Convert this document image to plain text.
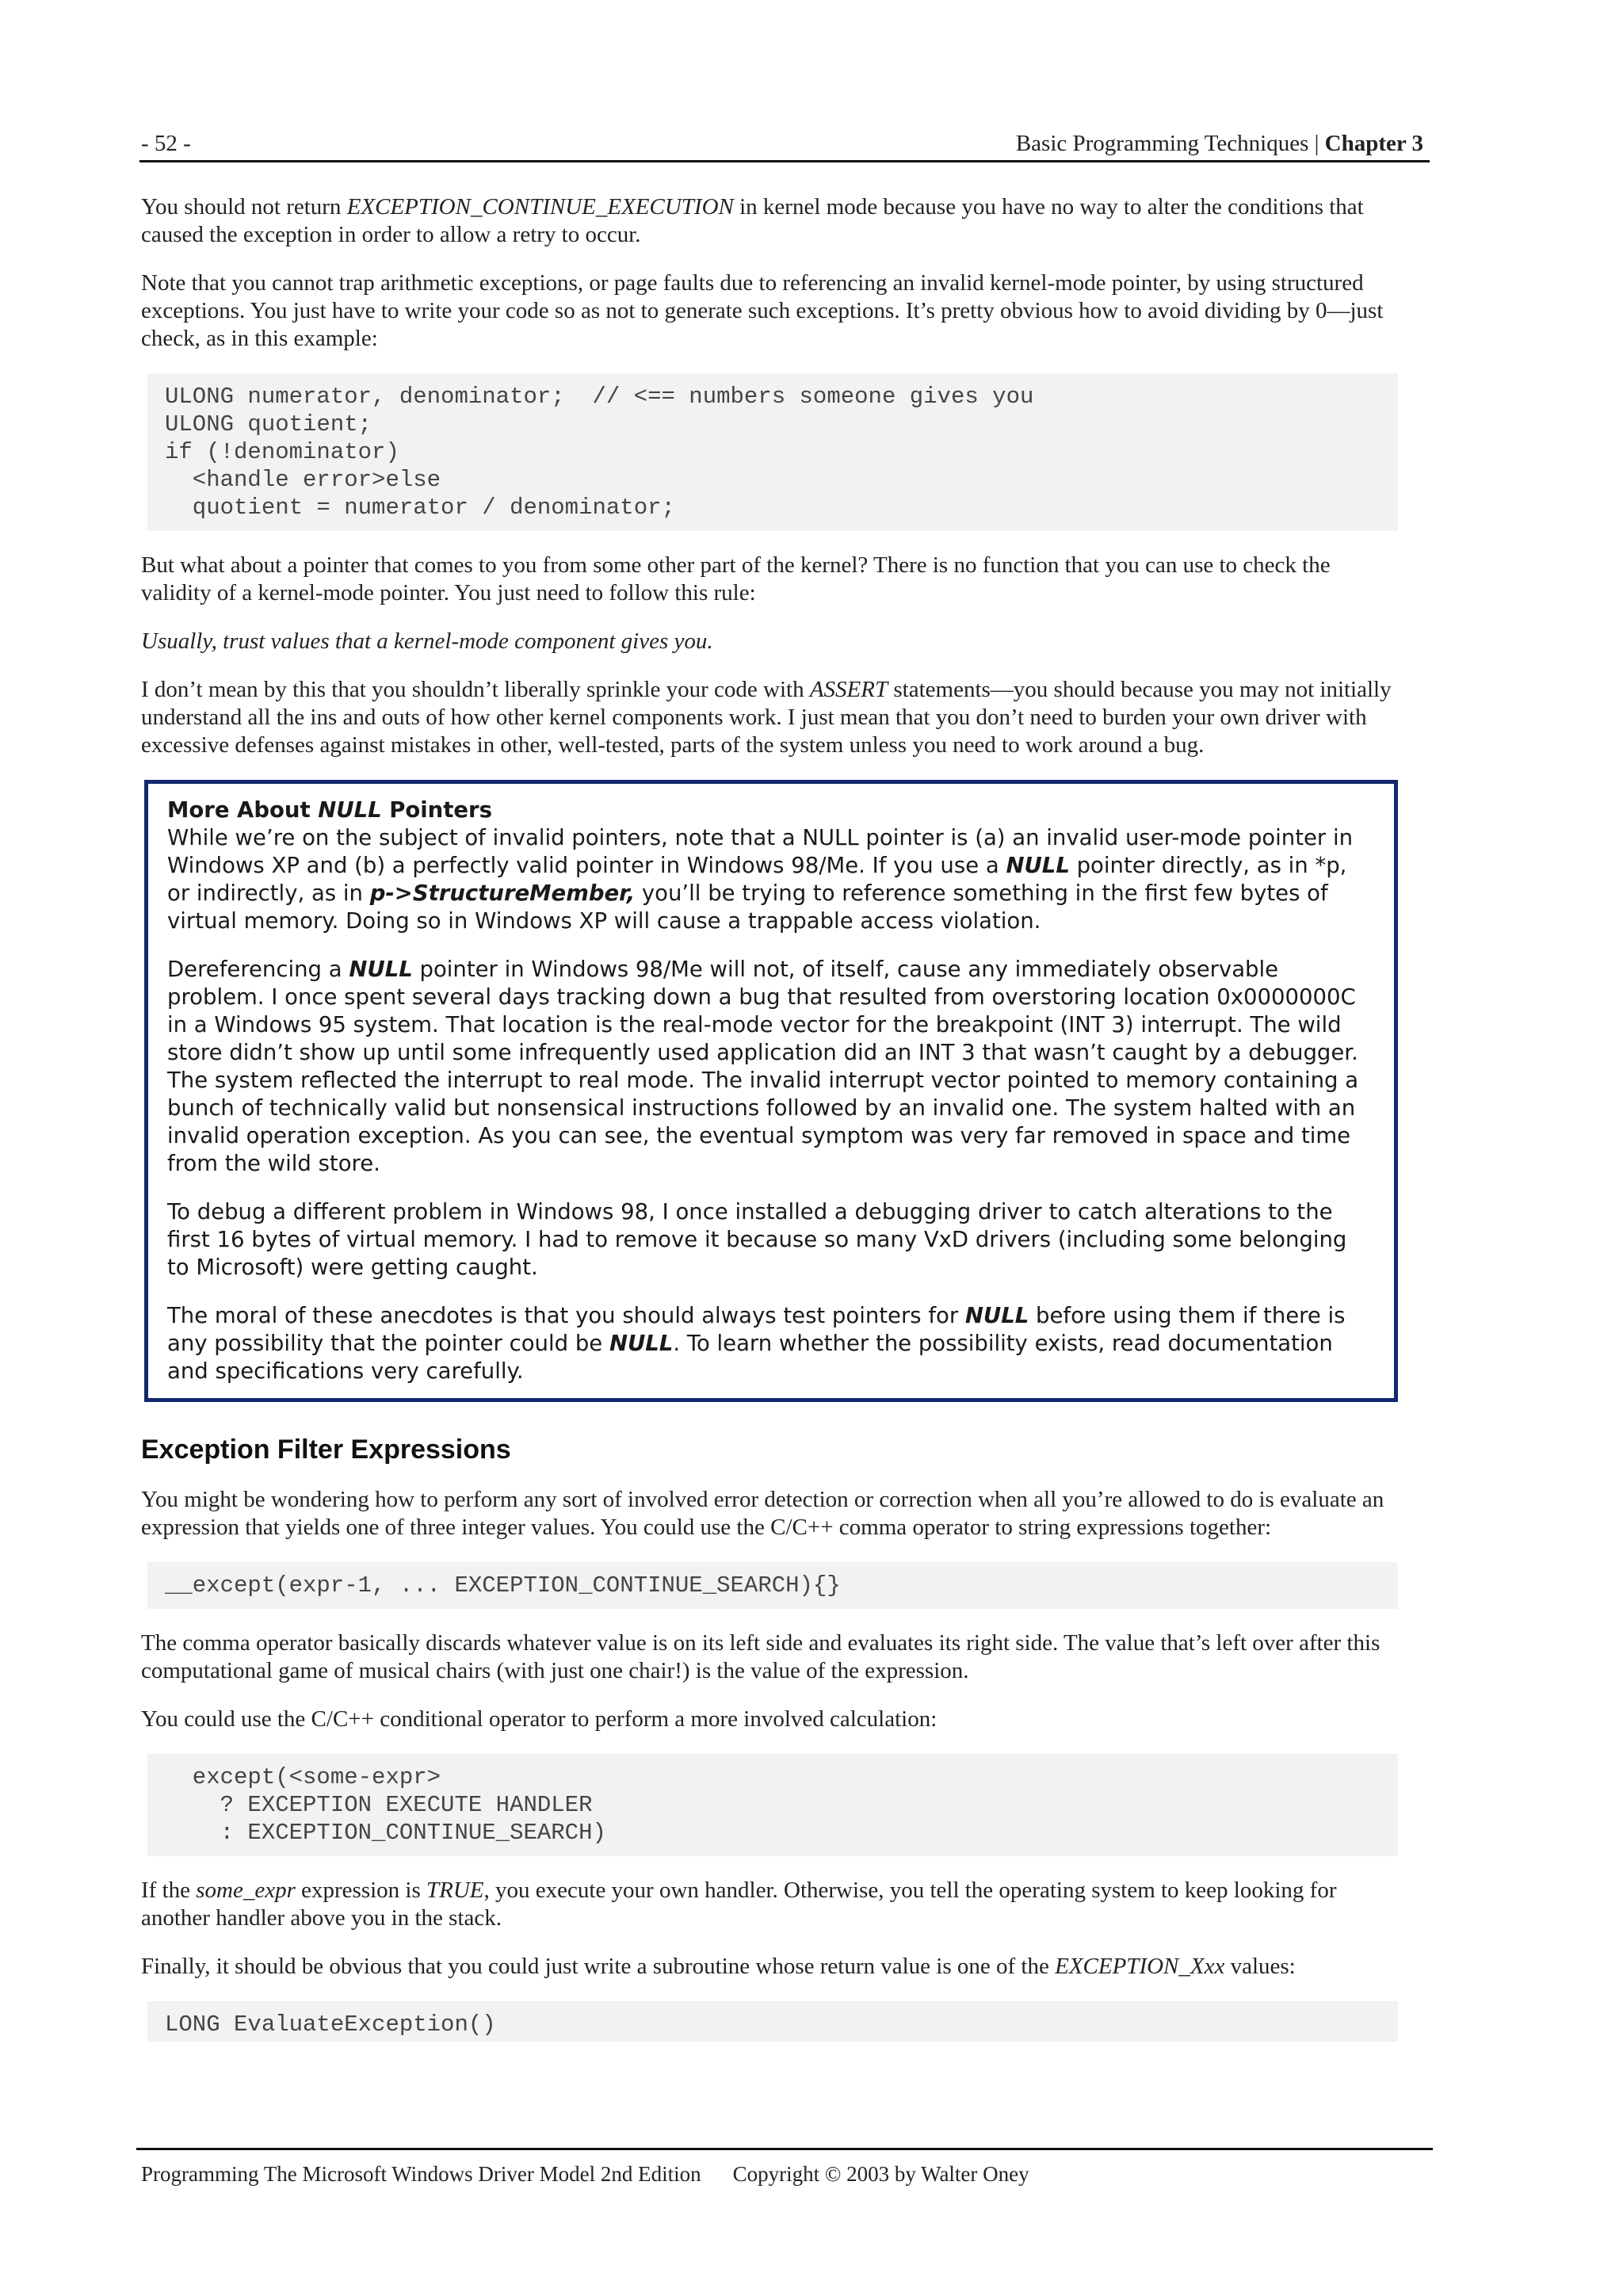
- 52 -	Basic Programming Techniques | Chapter 3

You should not return EXCEPTION_CONTINUE_EXECUTION in kernel mode because you have no way to alter the conditions that caused the exception in order to allow a retry to occur.

Note that you cannot trap arithmetic exceptions, or page faults due to referencing an invalid kernel-mode pointer, by using structured exceptions. You just have to write your code so as not to generate such exceptions. It’s pretty obvious how to avoid dividing by 0—just check, as in this example:

ULONG numerator, denominator;  // <== numbers someone gives you
ULONG quotient;
if (!denominator)
<handle error>else
quotient = numerator / denominator;

But what about a pointer that comes to you from some other part of the kernel? There is no function that you can use to check the validity of a kernel-mode pointer. You just need to follow this rule:

Usually, trust values that a kernel-mode component gives you.

I don’t mean by this that you shouldn’t liberally sprinkle your code with ASSERT statements—you should because you may not initially understand all the ins and outs of how other kernel components work. I just mean that you don’t need to burden your own driver with excessive defenses against mistakes in other, well-tested, parts of the system unless you need to work around a bug.

More About NULL Pointers

While we’re on the subject of invalid pointers, note that a NULL pointer is (a) an invalid user-mode pointer in Windows XP and (b) a perfectly valid pointer in Windows 98/Me. If you use a NULL pointer directly, as in *p, or indirectly, as in p->StructureMember, you’ll be trying to reference something in the first few bytes of virtual memory. Doing so in Windows XP will cause a trappable access violation.

Dereferencing a NULL pointer in Windows 98/Me will not, of itself, cause any immediately observable problem. I once spent several days tracking down a bug that resulted from overstoring location 0x0000000C in a Windows 95 system. That location is the real-mode vector for the breakpoint (INT 3) interrupt. The wild store didn’t show up until some infrequently used application did an INT 3 that wasn’t caught by a debugger. The system reflected the interrupt to real mode. The invalid interrupt vector pointed to memory containing a bunch of technically valid but nonsensical instructions followed by an invalid one. The system halted with an invalid operation exception. As you can see, the eventual symptom was very far removed in space and time from the wild store.

To debug a different problem in Windows 98, I once installed a debugging driver to catch alterations to the first 16 bytes of virtual memory. I had to remove it because so many VxD drivers (including some belonging to Microsoft) were getting caught.

The moral of these anecdotes is that you should always test pointers for NULL before using them if there is any possibility that the pointer could be NULL. To learn whether the possibility exists, read documentation and specifications very carefully.

Exception Filter Expressions

You might be wondering how to perform any sort of involved error detection or correction when all you’re allowed to do is evaluate an expression that yields one of three integer values. You could use the C/C++ comma operator to string expressions together:

__except(expr-1, ... EXCEPTION_CONTINUE_SEARCH){}

The comma operator basically discards whatever value is on its left side and evaluates its right side. The value that’s left over after this computational game of musical chairs (with just one chair!) is the value of the expression.

You could use the C/C++ conditional operator to perform a more involved calculation:

except(<some-expr>
? EXCEPTION EXECUTE HANDLER
: EXCEPTION_CONTINUE_SEARCH)

If the some_expr expression is TRUE, you execute your own handler. Otherwise, you tell the operating system to keep looking for another handler above you in the stack.

Finally, it should be obvious that you could just write a subroutine whose return value is one of the EXCEPTION_Xxx values:

LONG EvaluateException()
Programming The Microsoft Windows Driver Model 2nd Edition Copyright © 2003 by Walter Oney
